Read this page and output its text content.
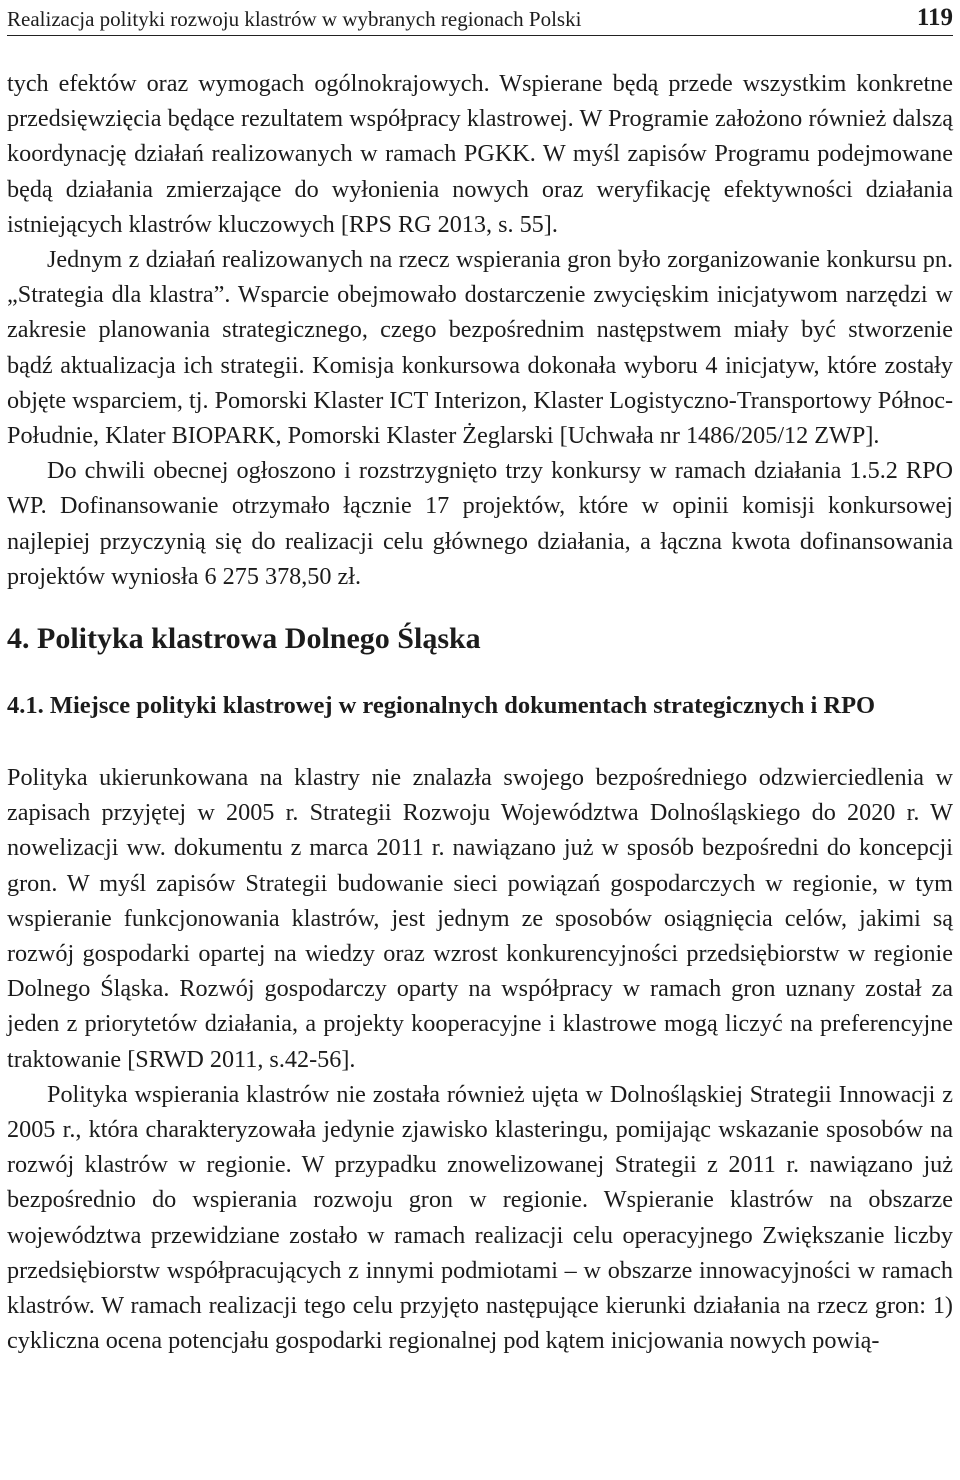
Realizacja polityki rozwoju klastrów w wybranych regionach Polski	119

tych efektów oraz wymogach ogólnokrajowych. Wspierane będą przede wszystkim konkretne przedsięwzięcia będące rezultatem współpracy klastrowej. W Programie założono również dalszą koordynację działań realizowanych w ramach PGKK. W myśl zapisów Programu podejmowane będą działania zmierzające do wyłonienia nowych oraz weryfikację efektywności działania istniejących klastrów kluczowych [RPS RG 2013, s. 55].

Jednym z działań realizowanych na rzecz wspierania gron było zorganizowanie konkursu pn. „Strategia dla klastra”. Wsparcie obejmowało dostarczenie zwycięskim inicjatywom narzędzi w zakresie planowania strategicznego, czego bezpośrednim następstwem miały być stworzenie bądź aktualizacja ich strategii. Komisja konkursowa dokonała wyboru 4 inicjatyw, które zostały objęte wsparciem, tj. Pomorski Klaster ICT Interizon, Klaster Logistyczno-Transportowy Północ-Południe, Klater BIOPARK, Pomorski Klaster Żeglarski [Uchwała nr 1486/205/12 ZWP].

Do chwili obecnej ogłoszono i rozstrzygnięto trzy konkursy w ramach działania 1.5.2 RPO WP. Dofinansowanie otrzymało łącznie 17 projektów, które w opinii komisji konkursowej najlepiej przyczynią się do realizacji celu głównego działania, a łączna kwota dofinansowania projektów wyniosła 6 275 378,50 zł.

4. Polityka klastrowa Dolnego Śląska
4.1. Miejsce polityki klastrowej w regionalnych dokumentach strategicznych i RPO

Polityka ukierunkowana na klastry nie znalazła swojego bezpośredniego odzwierciedlenia w zapisach przyjętej w 2005 r. Strategii Rozwoju Województwa Dolnośląskiego do 2020 r. W nowelizacji ww. dokumentu z marca 2011 r. nawiązano już w sposób bezpośredni do koncepcji gron. W myśl zapisów Strategii budowanie sieci powiązań gospodarczych w regionie, w tym wspieranie funkcjonowania klastrów, jest jednym ze sposobów osiągnięcia celów, jakimi są rozwój gospodarki opartej na wiedzy oraz wzrost konkurencyjności przedsiębiorstw w regionie Dolnego Śląska. Rozwój gospodarczy oparty na współpracy w ramach gron uznany został za jeden z priorytetów działania, a projekty kooperacyjne i klastrowe mogą liczyć na preferencyjne traktowanie [SRWD 2011, s.42-56].

Polityka wspierania klastrów nie została również ujęta w Dolnośląskiej Strategii Innowacji z 2005 r., która charakteryzowała jedynie zjawisko klasteringu, pomijając wskazanie sposobów na rozwój klastrów w regionie. W przypadku znowelizowanej Strategii z 2011 r. nawiązano już bezpośrednio do wspierania rozwoju gron w regionie. Wspieranie klastrów na obszarze województwa przewidziane zostało w ramach realizacji celu operacyjnego Zwiększanie liczby przedsiębiorstw współpracujących z innymi podmiotami – w obszarze innowacyjności w ramach klastrów. W ramach realizacji tego celu przyjęto następujące kierunki działania na rzecz gron: 1) cykliczna ocena potencjału gospodarki regionalnej pod kątem inicjowania nowych powią-
